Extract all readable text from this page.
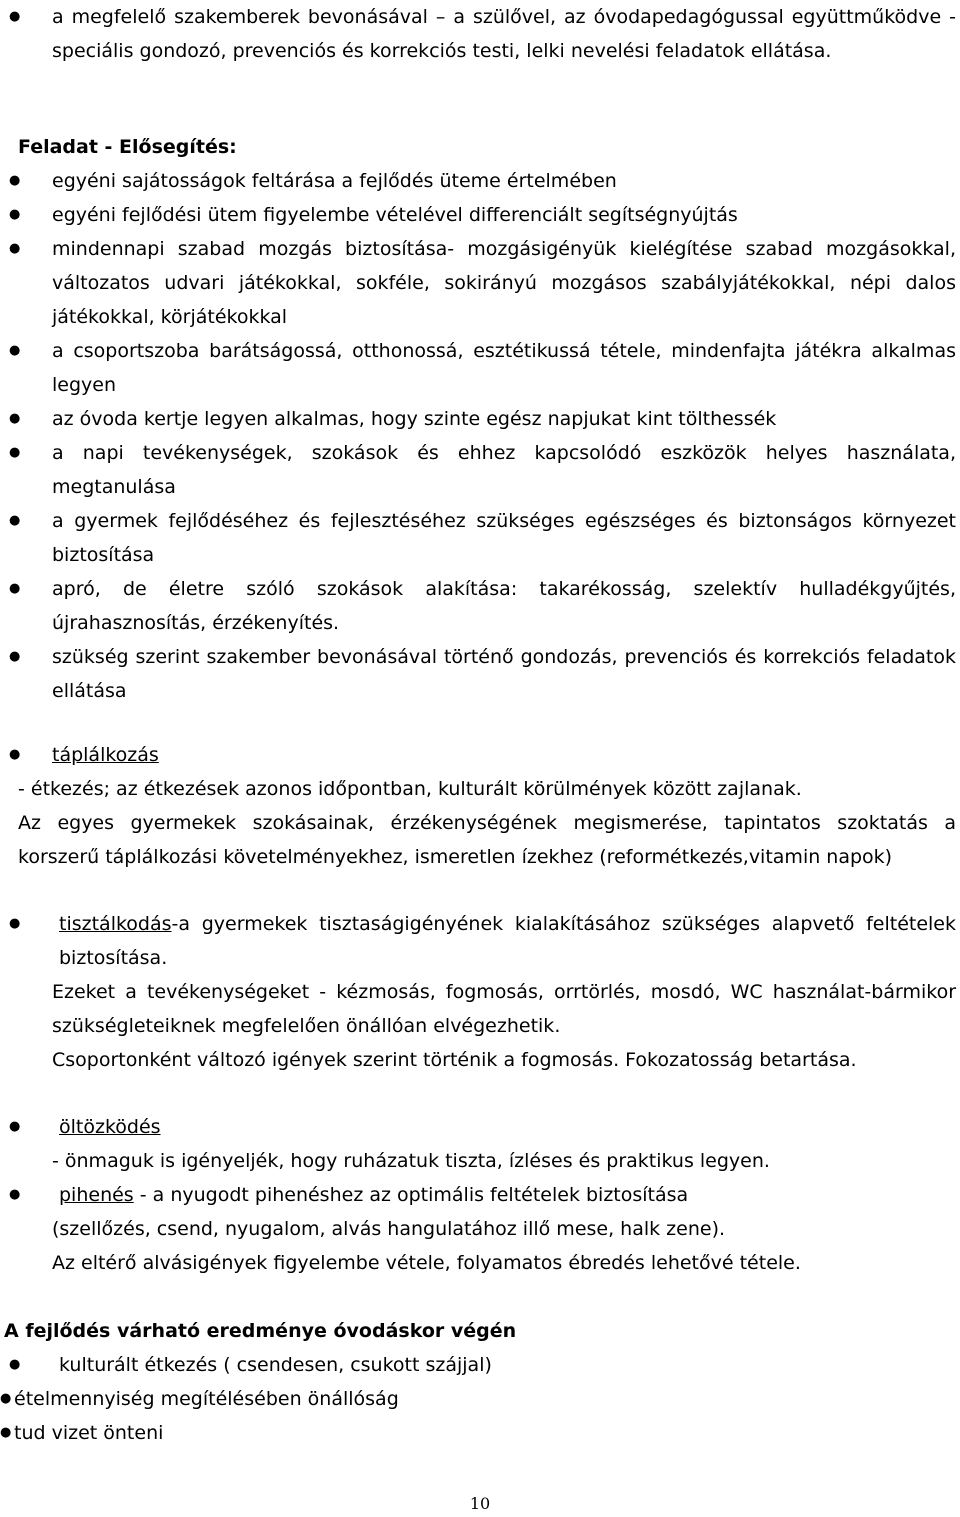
●	a megfelelő szakemberek bevonásával – a szülővel, az óvodapedagógussal együttműködve - speciális gondozó, prevenciós és korrekciós testi, lelki nevelési feladatok ellátása.
Feladat - Elősegítés:
●	egyéni sajátosságok feltárása a fejlődés üteme értelmében
●	egyéni fejlődési ütem figyelembe vételével differenciált segítségnyújtás
●	mindennapi szabad mozgás biztosítása- mozgásigényük kielégítése szabad mozgásokkal, változatos udvari játékokkal, sokféle, sokirányú mozgásos szabályjátékokkal, népi dalos játékokkal, körjátékokkal
●	a csoportszoba barátságossá, otthonossá, esztétikussá tétele, mindenfajta játékra alkalmas legyen
●	az óvoda kertje legyen alkalmas, hogy szinte egész napjukat kint tölthessék
●	a napi tevékenységek, szokások és ehhez kapcsolódó eszközök helyes használata, megtanulása
●	a gyermek fejlődéséhez és fejlesztéséhez szükséges egészséges és biztonságos környezet biztosítása
●	apró, de életre szóló szokások alakítása: takarékosság, szelektív hulladékgyűjtés, újrahasznosítás, érzékenyítés.
●	szükség szerint szakember bevonásával történő gondozás, prevenciós és korrekciós feladatok ellátása
●	táplálkozás
- étkezés; az étkezések azonos időpontban, kulturált körülmények között zajlanak.
Az egyes gyermekek szokásainak, érzékenységének megismerése, tapintatos szoktatás a korszerű táplálkozási követelményekhez, ismeretlen ízekhez (reformétkezés,vitamin napok)
●	tisztálkodás-a gyermekek tisztaságigényének kialakításához szükséges alapvető feltételek biztosítása.
Ezeket a tevékenységeket - kézmosás, fogmosás, orrtörlés, mosdó, WC használat-bármikor szükségleteiknek megfelelően önállóan elvégezhetik.
Csoportonként változó igények szerint történik a fogmosás. Fokozatosság betartása.
●	öltözködés
- önmaguk is igényeljék, hogy ruházatuk tiszta, ízléses és praktikus legyen.
●	pihenés - a nyugodt pihenéshez az optimális feltételek biztosítása
(szellőzés, csend, nyugalom, alvás hangulatához illő mese, halk zene).
Az eltérő alvásigények figyelembe vétele, folyamatos ébredés lehetővé tétele.
A fejlődés várható eredménye óvodáskor végén
●	kulturált étkezés ( csendesen, csukott szájjal)
● ételmennyiség megítélésében önállóság
● tud vizet önteni
10
